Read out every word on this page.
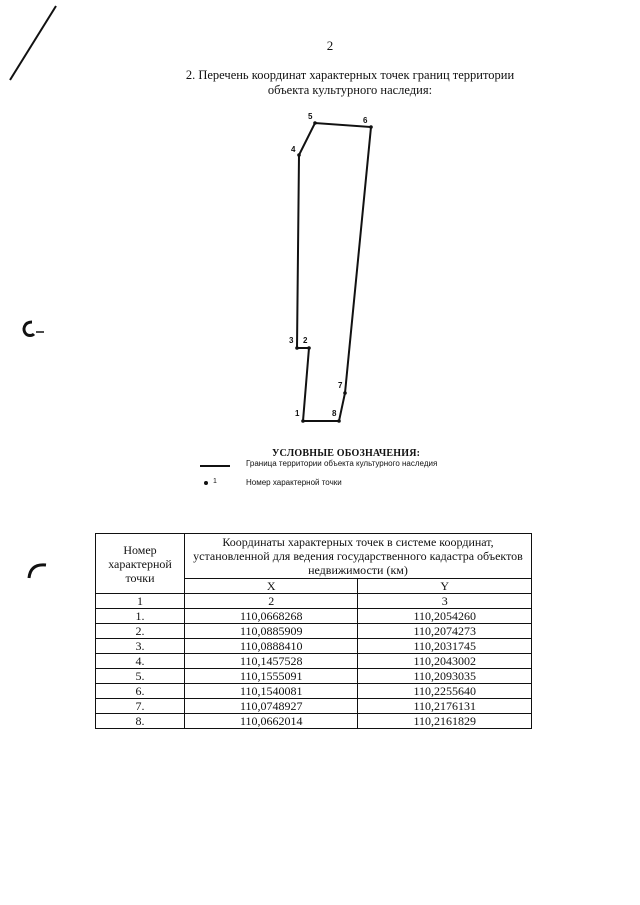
2
2. Перечень координат характерных точек границ территории
объекта культурного наследия:
1
2
3
4
5	6
7
8
УСЛОВНЫЕ ОБОЗНАЧЕНИЯ:
Граница территории объекта культурного наследия
1	Номер характерной точки
Номер характерной точки	Координаты характерных точек в системе координат, установленной для ведения государственного кадастра объектов недвижимости (км)	
	X	Y
1	2	3
1.	110,0668268	110,2054260
2.	110,0885909	110,2074273
3.	110,0888410	110,2031745
4.	110,1457528	110,2043002
5.	110,1555091	110,2093035
6.	110,1540081	110,2255640
7.	110,0748927	110,2176131
8.	110,0662014	110,2161829
